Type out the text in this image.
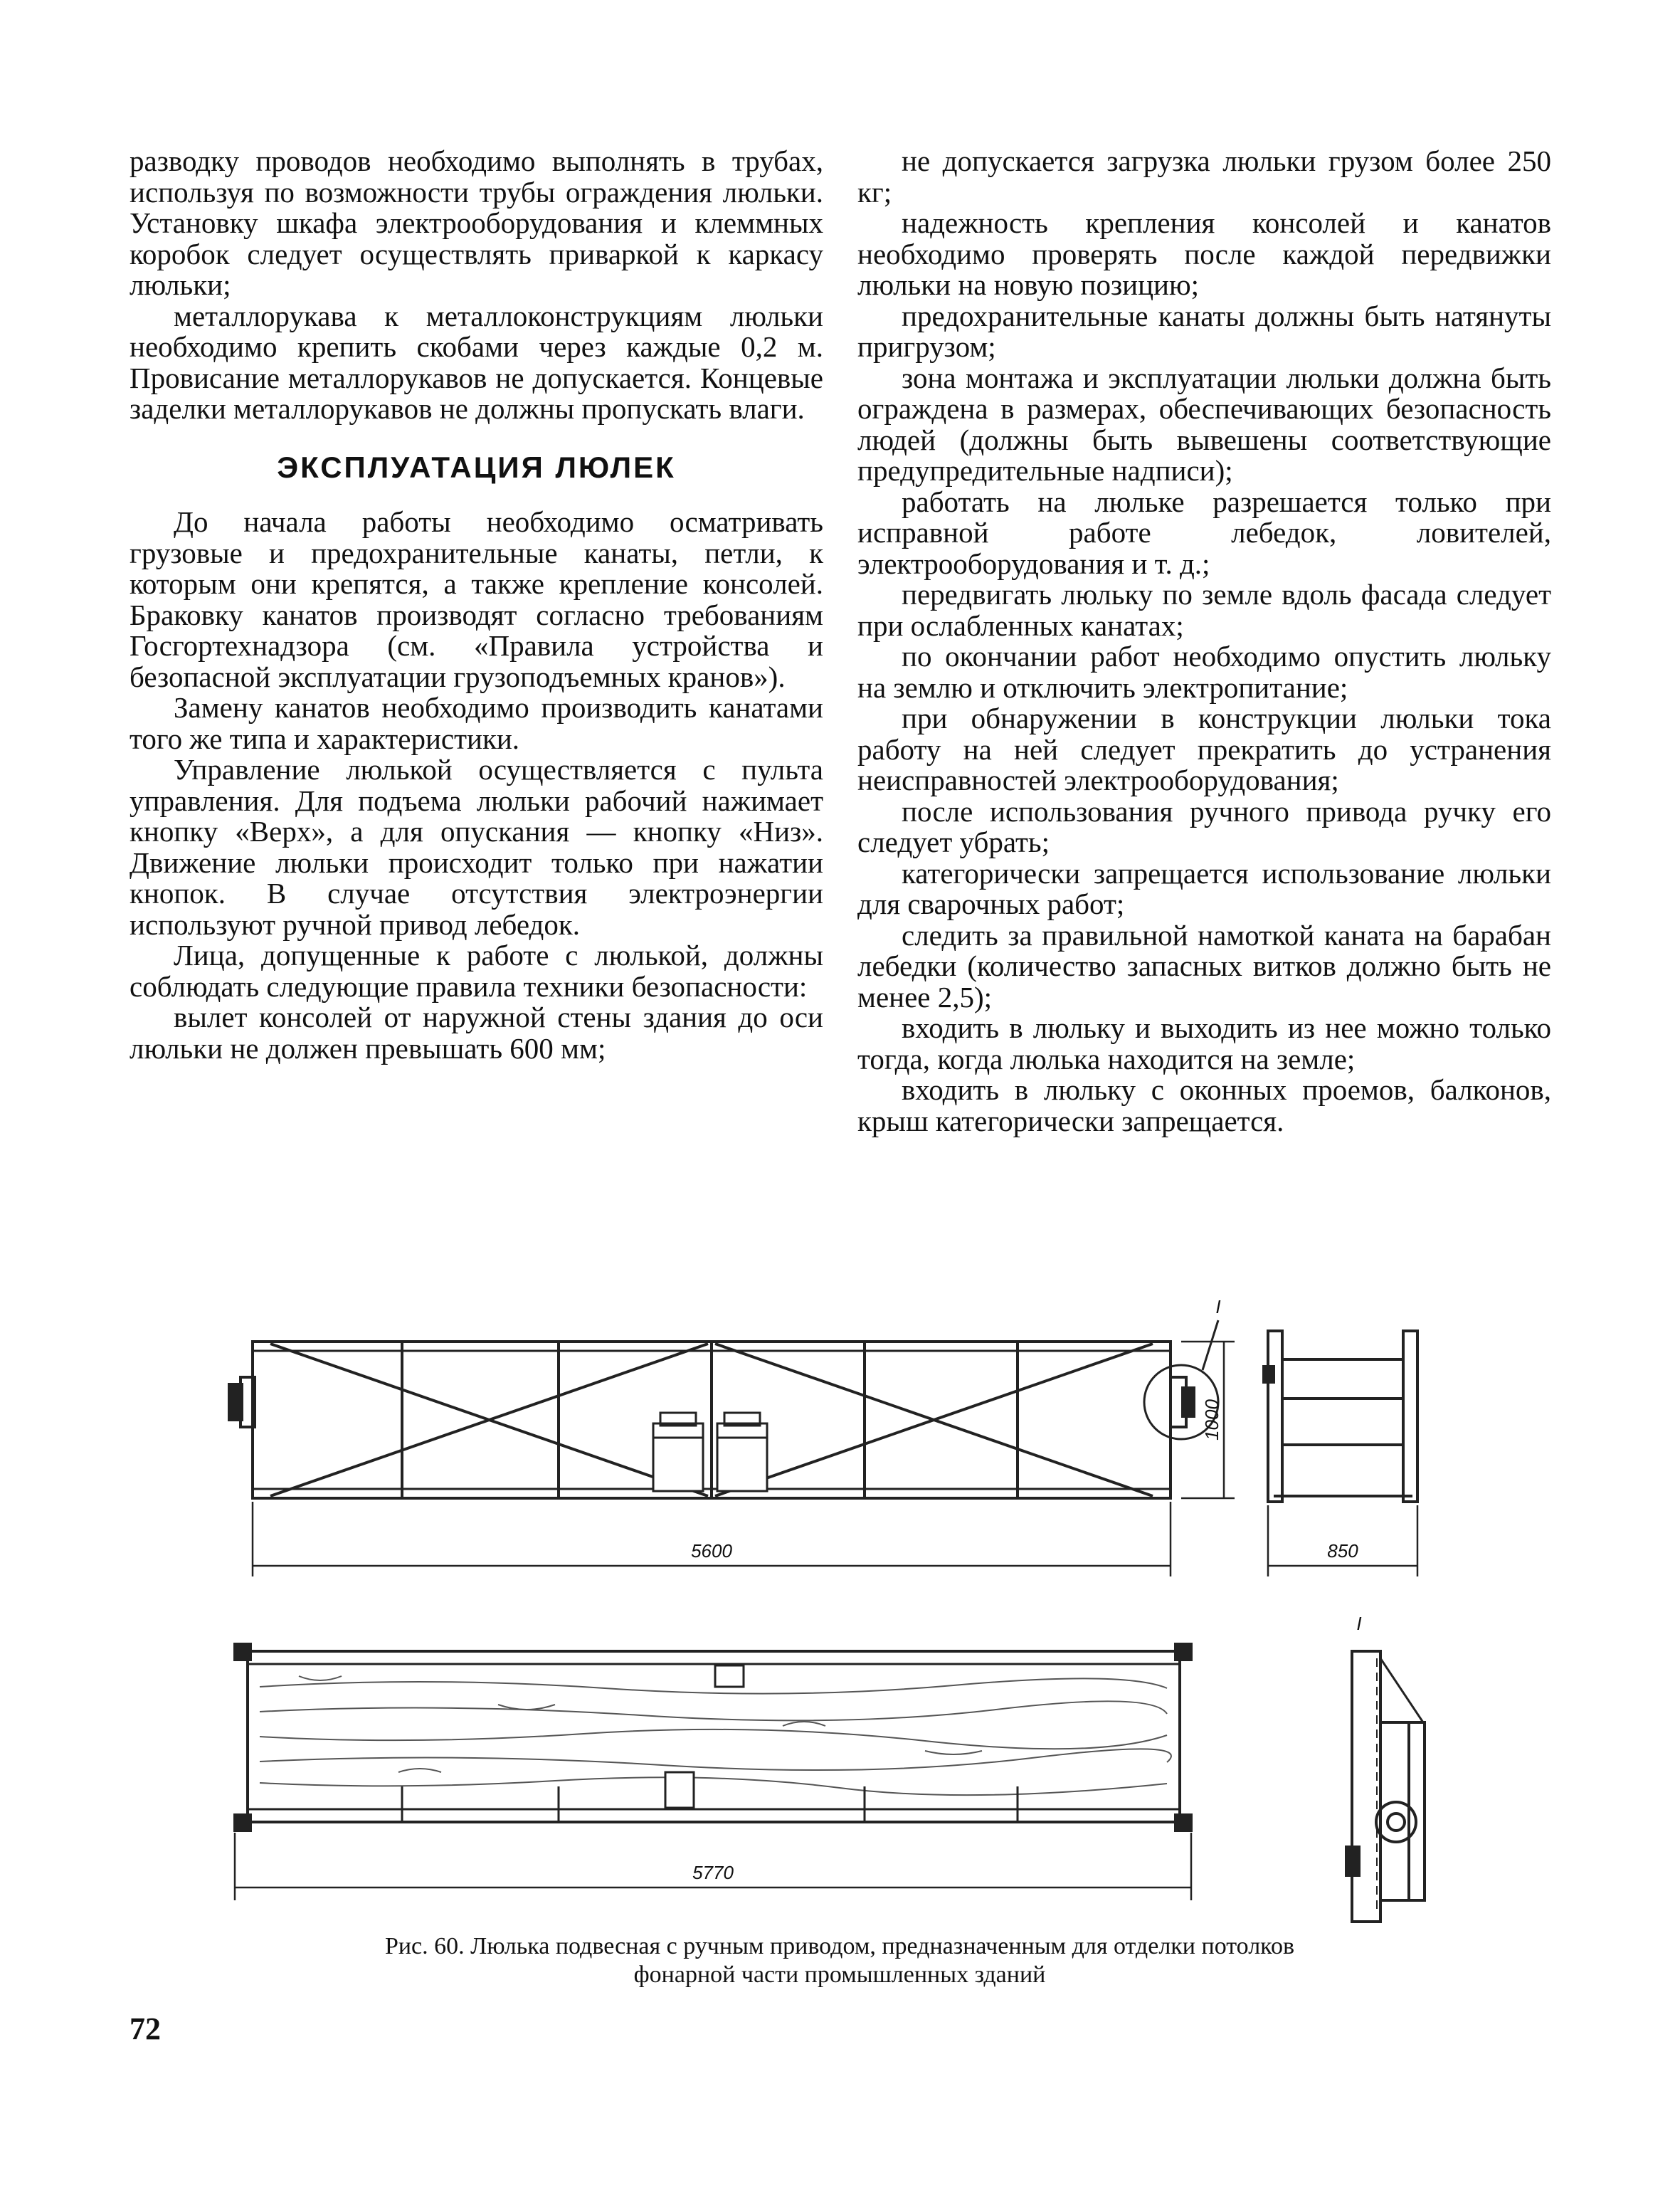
разводку проводов необходимо выполнять в трубах, используя по возможности трубы ограждения люльки. Установку шкафа электрооборудования и клеммных коробок следует осуществлять приваркой к каркасу люльки;

металлорукава к металлоконструкциям люльки необходимо крепить скобами через каждые 0,2 м. Провисание металлорукавов не допускается. Концевые заделки металлорукавов не должны пропускать влаги.

ЭКСПЛУАТАЦИЯ ЛЮЛЕК

До начала работы необходимо осматривать грузовые и предохранительные канаты, петли, к которым они крепятся, а также крепление консолей. Браковку канатов производят согласно требованиям Госгортехнадзора (см. «Правила устройства и безопасной эксплуатации грузоподъемных кранов»).

Замену канатов необходимо производить канатами того же типа и характеристики.

Управление люлькой осуществляется с пульта управления. Для подъема люльки рабочий нажимает кнопку «Верх», а для опускания — кнопку «Низ». Движение люльки происходит только при нажатии кнопок. В случае отсутствия электроэнергии используют ручной привод лебедок.

Лица, допущенные к работе с люлькой, должны соблюдать следующие правила техники безопасности:

вылет консолей от наружной стены здания до оси люльки не должен превышать 600 мм;

не допускается загрузка люльки грузом более 250 кг;

надежность крепления консолей и канатов необходимо проверять после каждой передвижки люльки на новую позицию;

предохранительные канаты должны быть натянуты пригрузом;

зона монтажа и эксплуатации люльки должна быть ограждена в размерах, обеспечивающих безопасность людей (должны быть вывешены соответствующие предупредительные надписи);

работать на люльке разрешается только при исправной работе лебедок, ловителей, электрооборудования и т. д.;

передвигать люльку по земле вдоль фасада следует при ослабленных канатах;

по окончании работ необходимо опустить люльку на землю и отключить электропитание;

при обнаружении в конструкции люльки тока работу на ней следует прекратить до устранения неисправностей электрооборудования;

после использования ручного привода ручку его следует убрать;

категорически запрещается использование люльки для сварочных работ;

следить за правильной намоткой каната на барабан лебедки (количество запасных витков должно быть не менее 2,5);

входить в люльку и выходить из нее можно только тогда, когда люлька находится на земле;

входить в люльку с оконных проемов, балконов, крыш категорически запрещается.

5600
1000
850
5770
I
I
Рис. 60. Люлька подвесная с ручным приводом, предназначенным для отделки потолков
фонарной части промышленных зданий
72
